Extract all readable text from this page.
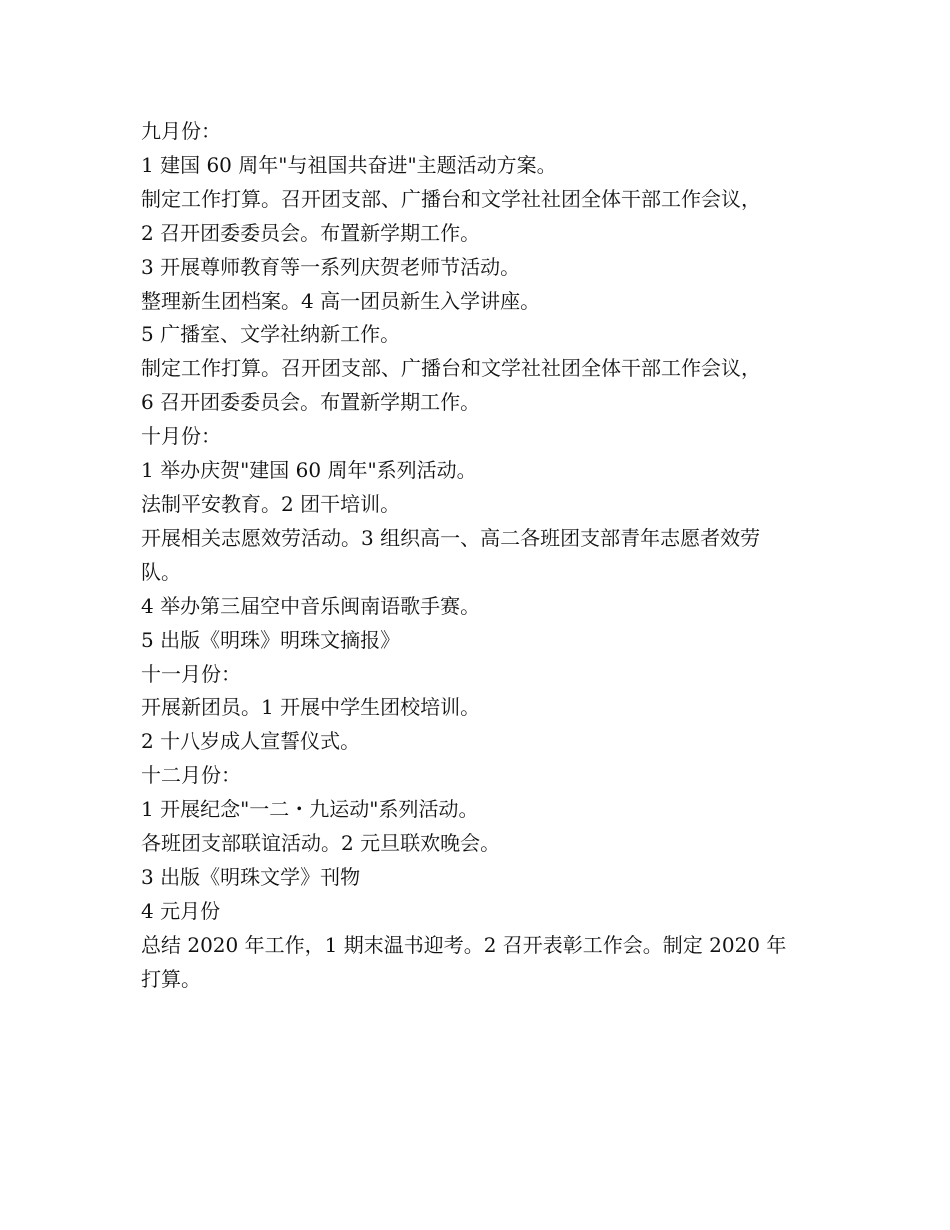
九月份：

1 建国 60 周年"与祖国共奋进"主题活动方案。

制定工作打算。召开团支部、广播台和文学社社团全体干部工作会议，

2 召开团委委员会。布置新学期工作。

3 开展尊师教育等一系列庆贺老师节活动。

整理新生团档案。4 高一团员新生入学讲座。

5 广播室、文学社纳新工作。

制定工作打算。召开团支部、广播台和文学社社团全体干部工作会议，

6 召开团委委员会。布置新学期工作。

十月份：

1 举办庆贺"建国 60 周年"系列活动。

法制平安教育。2 团干培训。

开展相关志愿效劳活动。3 组织高一、高二各班团支部青年志愿者效劳

队。

4 举办第三届空中音乐闽南语歌手赛。

5 出版《明珠》明珠文摘报》

十一月份：

开展新团员。1 开展中学生团校培训。

2 十八岁成人宣誓仪式。

十二月份：

1 开展纪念"一二・九运动"系列活动。

各班团支部联谊活动。2 元旦联欢晚会。

3 出版《明珠文学》刊物

4 元月份

总结 2020 年工作，1 期末温书迎考。2 召开表彰工作会。制定 2020 年

打算。
